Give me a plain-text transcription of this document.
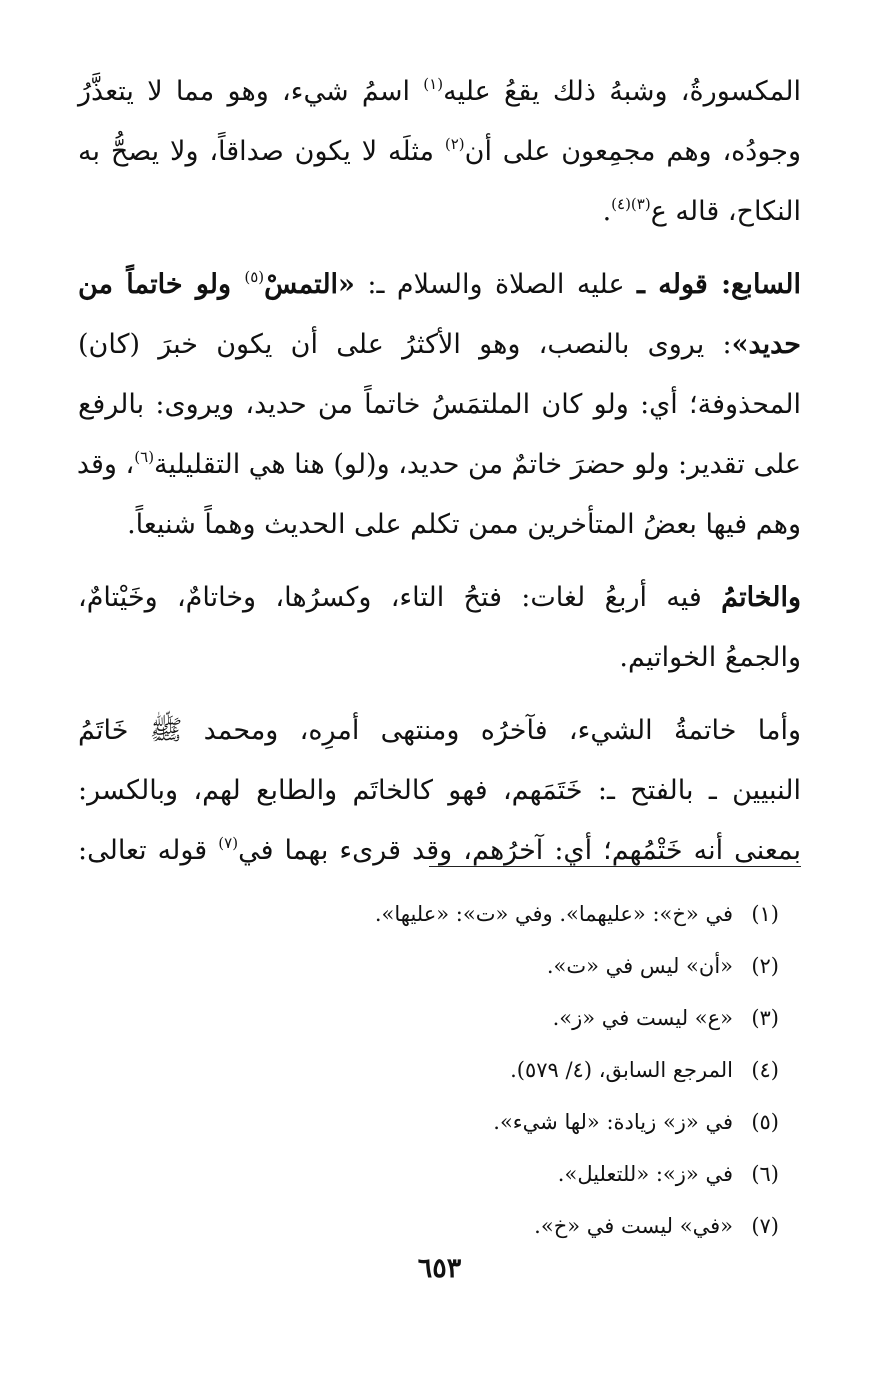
المكسورةُ، وشبهُ ذلك يقعُ عليه$^{(١)}$ اسمُ شيء، وهو مما لا يتعذَّرُ
وجودُه، وهم مجمِعون على أن$^{(٢)}$ مثلَه لا يكون صداقاً، ولا يصحُّ به
النكاح، قاله ع$^{(٣)(٤)}$.
السابع: قوله ـ عليه الصلاة والسلام ـ: «التمسْ$^{(٥)}$ ولو خاتماً من
حديد»: يروى بالنصب، وهو الأكثرُ على أن يكون خبرَ (كان)
المحذوفة؛ أي: ولو كان الملتمَسُ خاتماً من حديد، ويروى: بالرفع
على تقدير: ولو حضرَ خاتمٌ من حديد، و(لو) هنا هي التقليلية$^{(٦)}$، وقد
وهم فيها بعضُ المتأخرين ممن تكلم على الحديث وهماً شنيعاً.
والخاتمُ فيه أربعُ لغات: فتحُ التاء، وكسرُها، وخاتامٌ، وخَيْتامٌ،
والجمعُ الخواتيم.
وأما خاتمةُ الشيء، فآخرُه ومنتهى أمرِه، ومحمد ﷺ خَاتَمُ
النبيين ـ بالفتح ـ: خَتَمَهم، فهو كالخاتَم والطابع لهم، وبالكسر:
بمعنى أنه خَتْمُهم؛ أي: آخرُهم، وقد قرىء بهما في$^{(٧)}$ قوله تعالى:
(١)في «خ»: «عليهما». وفي «ت»: «عليها».
(٢)«أن» ليس في «ت».
(٣)«ع» ليست في «ز».
(٤)المرجع السابق، (٤/ ٥٧٩).
(٥)في «ز» زيادة: «لها شيء».
(٦)في «ز»: «للتعليل».
(٧)«في» ليست في «خ».
٦٥٣
